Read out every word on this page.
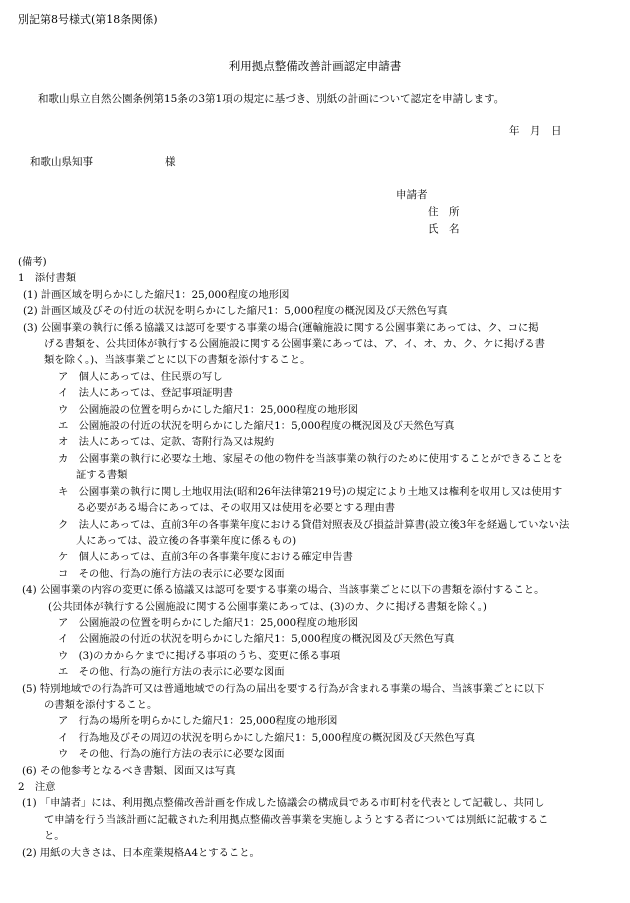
別記第8号様式(第18条関係)
利用拠点整備改善計画認定申請書
和歌山県立自然公園条例第15条の3第1項の規定に基づき、別紙の計画について認定を申請します。
年　月　日
和歌山県知事	様
申請者
住　所
氏　名
(備考)
1　添付書類
(1) 計画区域を明らかにした縮尺1：25,000程度の地形図
(2) 計画区域及びその付近の状況を明らかにした縮尺1：5,000程度の概況図及び天然色写真
(3) 公園事業の執行に係る協議又は認可を要する事業の場合(運輸施設に関する公園事業にあっては、ク、コに掲
げる書類を、公共団体が執行する公園施設に関する公園事業にあっては、ア、イ、オ、カ、ク、ケに掲げる書
類を除く。)、当該事業ごとに以下の書類を添付すること。
ア　個人にあっては、住民票の写し
イ　法人にあっては、登記事項証明書
ウ　公園施設の位置を明らかにした縮尺1：25,000程度の地形図
エ　公園施設の付近の状況を明らかにした縮尺1：5,000程度の概況図及び天然色写真
オ　法人にあっては、定款、寄附行為又は規約
カ　公園事業の執行に必要な土地、家屋その他の物件を当該事業の執行のために使用することができることを
証する書類
キ　公園事業の執行に関し土地収用法(昭和26年法律第219号)の規定により土地又は権利を収用し又は使用す
る必要がある場合にあっては、その収用又は使用を必要とする理由書
ク　法人にあっては、直前3年の各事業年度における貸借対照表及び損益計算書(設立後3年を経過していない法
人にあっては、設立後の各事業年度に係るもの)
ケ　個人にあっては、直前3年の各事業年度における確定申告書
コ　その他、行為の施行方法の表示に必要な図面
(4) 公園事業の内容の変更に係る協議又は認可を要する事業の場合、当該事業ごとに以下の書類を添付すること。
(公共団体が執行する公園施設に関する公園事業にあっては、(3)のカ、クに掲げる書類を除く。)
ア　公園施設の位置を明らかにした縮尺1：25,000程度の地形図
イ　公園施設の付近の状況を明らかにした縮尺1：5,000程度の概況図及び天然色写真
ウ　(3)のカからケまでに掲げる事項のうち、変更に係る事項
エ　その他、行為の施行方法の表示に必要な図面
(5) 特別地域での行為許可又は普通地域での行為の届出を要する行為が含まれる事業の場合、当該事業ごとに以下
の書類を添付すること。
ア　行為の場所を明らかにした縮尺1：25,000程度の地形図
イ　行為地及びその周辺の状況を明らかにした縮尺1：5,000程度の概況図及び天然色写真
ウ　その他、行為の施行方法の表示に必要な図面
(6) その他参考となるべき書類、図面又は写真
2　注意
(1) 「申請者」には、利用拠点整備改善計画を作成した協議会の構成員である市町村を代表として記載し、共同し
て申請を行う当該計画に記載された利用拠点整備改善事業を実施しようとする者については別紙に記載するこ
と。
(2) 用紙の大きさは、日本産業規格A4とすること。
